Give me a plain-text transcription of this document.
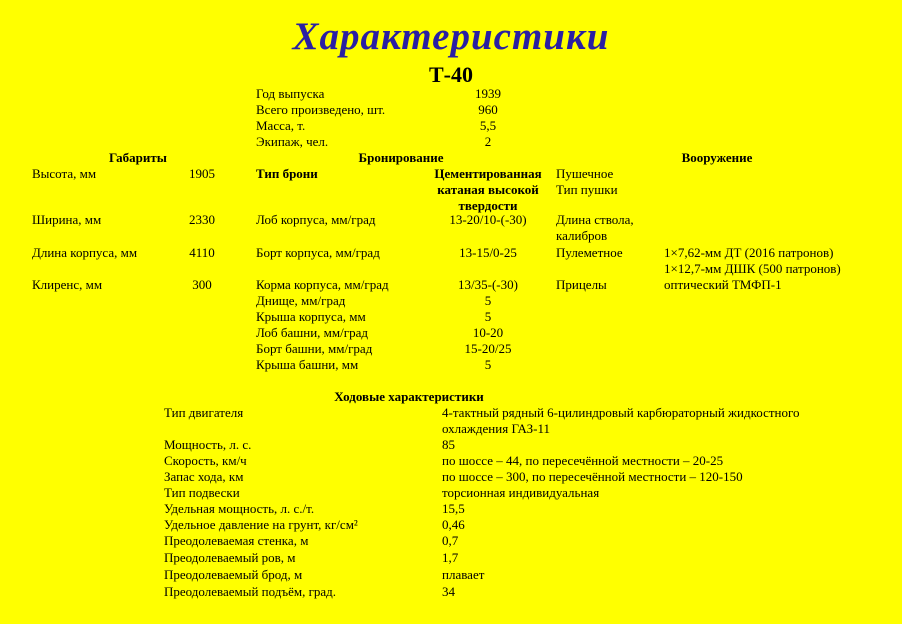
Характеристики
Т-40
Год выпуска	1939
Всего произведено, шт.	960
Масса, т.	5,5
Экипаж, чел.	2
Габариты
Высота, мм	1905
Ширина, мм	2330
Длина корпуса, мм	4110
Клиренс, мм	300
Бронирование
Тип брони	Цементированная
катаная высокой
твердости
Лоб корпуса, мм/град	13-20/10-(-30)
Борт корпуса, мм/град	13-15/0-25
Корма корпуса, мм/град	13/35-(-30)
Днище, мм/град	5
Крыша корпуса, мм	5
Лоб башни, мм/град	10-20
Борт башни, мм/град	15-20/25
Крыша башни, мм	5
Вооружение
Пушечное
Тип пушки
Длина ствола,
калибров
Пулеметное	1×7,62-мм ДТ (2016 патронов)
1×12,7-мм ДШК (500 патронов)
Прицелы	оптический ТМФП-1
Ходовые характеристики
Тип двигателя	4-тактный рядный 6-цилиндровый карбюраторный жидкостного
охлаждения ГАЗ-11
Мощность, л. с.	85
Скорость, км/ч	по шоссе – 44, по пересечённой местности – 20-25
Запас хода, км	по шоссе – 300, по пересечённой местности – 120-150
Тип подвески	торсионная индивидуальная
Удельная мощность, л. с./т.	15,5
Удельное давление на грунт, кг/см²	0,46
Преодолеваемая стенка, м	0,7
Преодолеваемый ров, м	1,7
Преодолеваемый брод, м	плавает
Преодолеваемый подъём, град.	34
